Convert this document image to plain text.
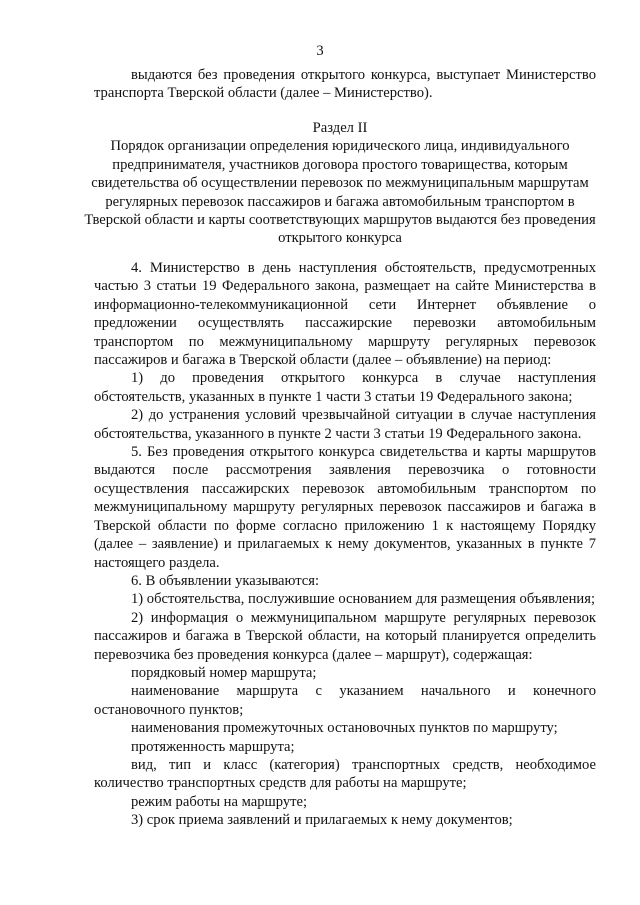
3
выдаются без проведения открытого конкурса, выступает Министерство транспорта Тверской области (далее – Министерство).

Раздел II

Порядок организации определения юридического лица, индивидуального предпринимателя, участников договора простого товарищества, которым свидетельства об осуществлении перевозок по межмуниципальным маршрутам регулярных перевозок пассажиров и багажа автомобильным транспортом в Тверской области и карты соответствующих маршрутов выдаются без проведения открытого конкурса

4. Министерство в день наступления обстоятельств, предусмотренных частью 3 статьи 19 Федерального закона, размещает на сайте Министерства в информационно-телекоммуникационной сети Интернет объявление о предложении осуществлять пассажирские перевозки автомобильным транспортом по межмуниципальному маршруту регулярных перевозок пассажиров и багажа в Тверской области (далее – объявление) на период:

1) до проведения открытого конкурса в случае наступления обстоятельств, указанных в пункте 1 части 3 статьи 19 Федерального закона;

2) до устранения условий чрезвычайной ситуации в случае наступления обстоятельства, указанного в пункте 2 части 3 статьи 19 Федерального закона.

5. Без проведения открытого конкурса свидетельства и карты маршрутов выдаются после рассмотрения заявления перевозчика о готовности осуществления пассажирских перевозок автомобильным транспортом по межмуниципальному маршруту регулярных перевозок пассажиров и багажа в Тверской области по форме согласно приложению 1 к настоящему Порядку (далее – заявление) и прилагаемых к нему документов, указанных в пункте 7 настоящего раздела.

6. В объявлении указываются:

1) обстоятельства, послужившие основанием для размещения объявления;

2) информация о межмуниципальном маршруте регулярных перевозок пассажиров и багажа в Тверской области, на который планируется определить перевозчика без проведения конкурса (далее – маршрут), содержащая:

порядковый номер маршрута;

наименование маршрута с указанием начального и конечного остановочного пунктов;

наименования промежуточных остановочных пунктов по маршруту;

протяженность маршрута;

вид, тип и класс (категория) транспортных средств, необходимое количество транспортных средств для работы на маршруте;

режим работы на маршруте;

3) срок приема заявлений и прилагаемых к нему документов;
